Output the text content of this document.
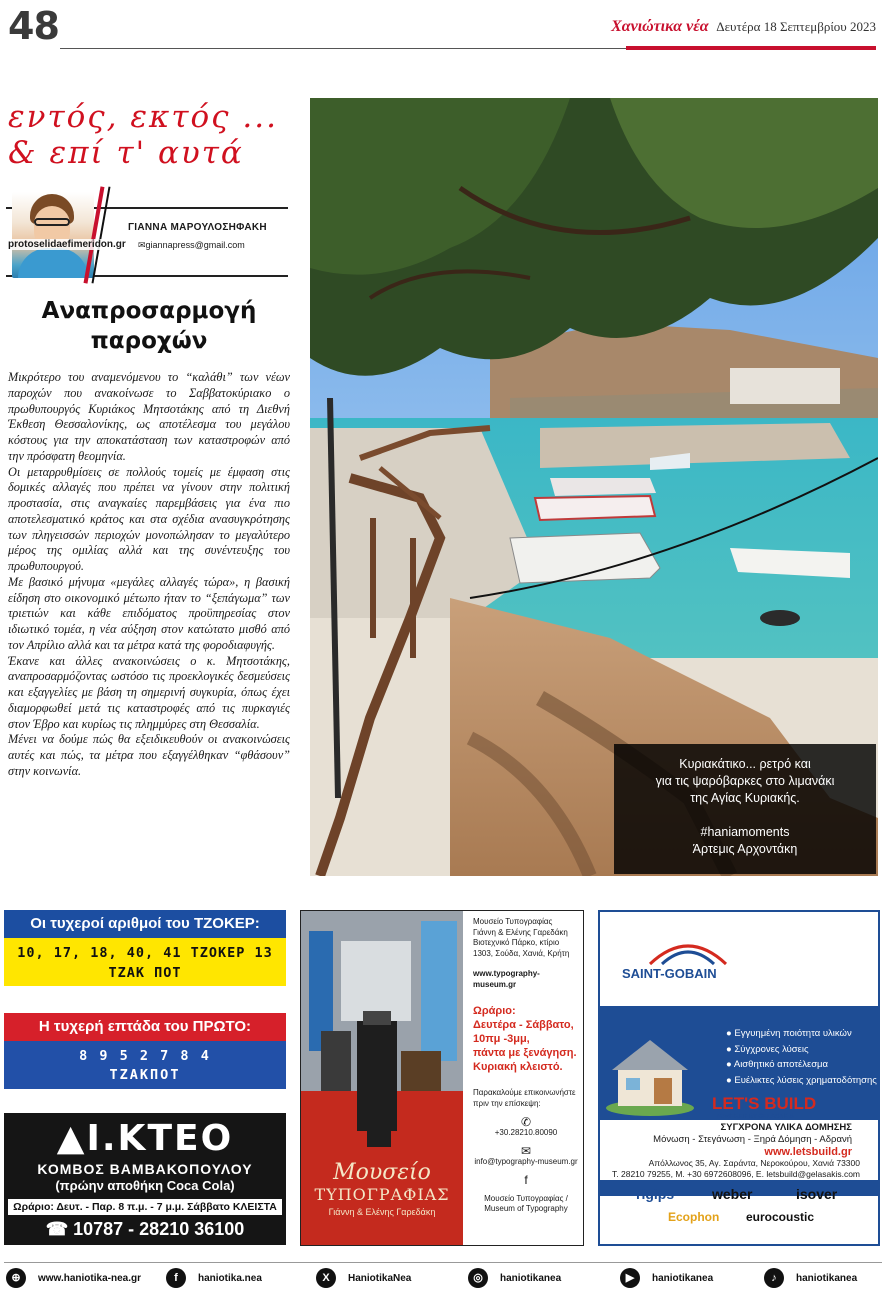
48	Χανιώτικα νέα Δευτέρα 18 Σεπτεμβρίου 2023
εντός, εκτός ...
& επί τ' αυτά
ΓΙΑΝΝΑ ΜΑΡΟΥΛΟΣΗΦΑΚΗ
✉giannapress@gmail.com
protoselidaefimeridon.gr
Αναπροσαρμογή
παροχών

Μικρότερο του αναμενόμενου το “καλάθι” των νέων παροχών που ανακοίνωσε το Σαββατοκύριακο ο πρωθυπουργός Κυριάκος Μητσοτάκης από τη Διεθνή Έκθεση Θεσσαλονίκης, ως αποτέλεσμα του μεγάλου κόστους για την αποκατάσταση των καταστροφών από την πρόσφατη θεομηνία.

Οι μεταρρυθμίσεις σε πολλούς τομείς με έμφαση στις δομικές αλλαγές που πρέπει να γίνουν στην πολιτική προστασία, στις αναγκαίες παρεμβάσεις για ένα πιο αποτελεσματικό κράτος και στα σχέδια ανασυγκρότησης των πληγεισσών περιοχών μονοπώλησαν το μεγαλύτερο μέρος της ομιλίας αλλά και της συνέντευξης του πρωθυπουργού.

Με βασικό μήνυμα «μεγάλες αλλαγές τώρα», η βασική είδηση στο οικονομικό μέτωπο ήταν το “ξεπάγωμα” των τριετιών και κάθε επιδόματος προϋπηρεσίας στον ιδιωτικό τομέα, η νέα αύξηση στον κατώτατο μισθό από τον Απρίλιο αλλά και τα μέτρα κατά της φοροδιαφυγής.

Έκανε και άλλες ανακοινώσεις ο κ. Μητσοτάκης, αναπροσαρμόζοντας ωστόσο τις προεκλογικές δεσμεύσεις και εξαγγελίες με βάση τη σημερινή συγκυρία, όπως έχει διαμορφωθεί μετά τις καταστροφές από τις πυρκαγιές στον Έβρο και κυρίως τις πλημμύρες στη Θεσσαλία.

Μένει να δούμε πώς θα εξειδικευθούν οι ανακοινώσεις αυτές και πώς, τα μέτρα που εξαγγέλθηκαν “φθάσουν” στην κοινωνία.	Κυριακάτικο... ρετρό και
για τις ψαρόβαρκες στο λιμανάκι
της Αγίας Κυριακής.
#haniamoments
Άρτεμις Αρχοντάκη
Οι τυχεροί αριθμοί του ΤΖΟΚΕΡ:
10, 17, 18, 40, 41 ΤΖΟΚΕΡ 13
ΤΖΑΚ ΠΟΤ
Η τυχερή επτάδα του ΠΡΩΤΟ:
8 9 5 2 7 8 4
ΤΖΑΚΠΟΤ
▲Ι.ΚΤΕΟ
ΚΟΜΒΟΣ ΒΑΜΒΑΚΟΠΟΥΛΟΥ
(πρώην αποθήκη Coca Cola)
Ωράριο: Δευτ. - Παρ. 8 π.μ. - 7 μ.μ. Σάββατο ΚΛΕΙΣΤΑ
☎ 10787 - 28210 36100
Μουσείο
ΤΥΠΟΓΡΑΦΙΑΣ
Γιάννη & Ελένης Γαρεδάκη
Μουσείο Τυπογραφίας
Γιάννη & Ελένης Γαρεδάκη
Βιοτεχνικό Πάρκο, κτίριο 1303, Σούδα, Χανιά, Κρήτη
www.typography-museum.gr
Ωράριο:
Δευτέρα - Σάββατο,
10πμ -3μμ,
πάντα με ξενάγηση.
Κυριακή κλειστό.
Παρακαλούμε επικοινωνήστε πριν την επίσκεψη:
✆
+30.28210.80090
✉
info@typography-museum.gr
f
Μουσείο Τυπογραφίας / Museum of Typography
SAINT-GOBAIN
● Εγγυημένη ποιότητα υλικών
● Σύγχρονες λύσεις
● Αισθητικό αποτέλεσμα
● Ευέλικτες λύσεις χρηματοδότησης
LET'S BUILD
POWERED BY GELASAKIS
ΣΥΓΧΡΟΝΑ ΥΛΙΚΑ ΔΟΜΗΣΗΣ
Μόνωση - Στεγάνωση - Ξηρά Δόμηση - Αδρανή
www.letsbuild.gr
Απόλλωνος 35, Αγ. Σαράντα, Νεροκούρου, Χανιά 73300
Τ. 28210 79255, Μ. +30 6972608096, Ε. letsbuild@gelasakis.com
rigips	weber	isover
Ecophon eurocoustic
⊕	www.haniotika-nea.gr	f	haniotika.nea	X	HaniotikaNea	◎	haniotikanea	▶	haniotikanea	♪	haniotikanea
